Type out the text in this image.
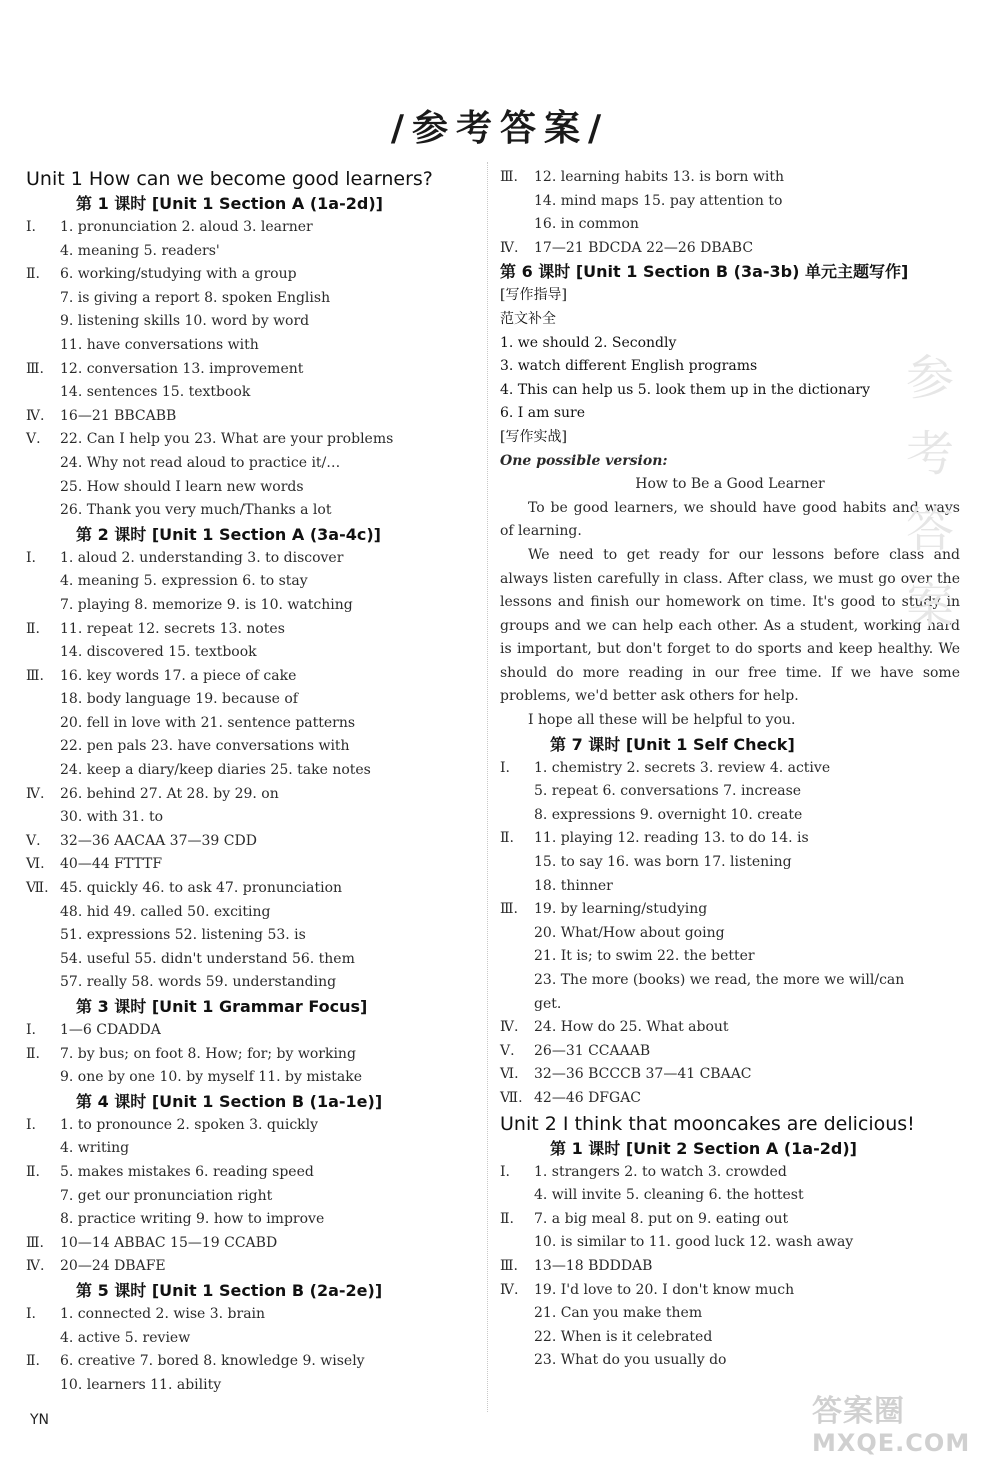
/参考答案/
Unit 1 How can we become good learners?
第 1 课时 [Unit 1 Section A (1a-2d)]
Ⅰ. 1. pronunciation 2. aloud 3. learner
4. meaning 5. readers'
Ⅱ. 6. working/studying with a group
7. is giving a report 8. spoken English
9. listening skills 10. word by word
11. have conversations with
Ⅲ. 12. conversation 13. improvement
14. sentences 15. textbook
Ⅳ. 16—21 BBCABB
Ⅴ. 22. Can I help you 23. What are your problems
24. Why not read aloud to practice it/…
25. How should I learn new words
26. Thank you very much/Thanks a lot
第 2 课时 [Unit 1 Section A (3a-4c)]
Ⅰ. 1. aloud 2. understanding 3. to discover
4. meaning 5. expression 6. to stay
7. playing 8. memorize 9. is 10. watching
Ⅱ. 11. repeat 12. secrets 13. notes
14. discovered 15. textbook
Ⅲ. 16. key words 17. a piece of cake
18. body language 19. because of
20. fell in love with 21. sentence patterns
22. pen pals 23. have conversations with
24. keep a diary/keep diaries 25. take notes
Ⅳ. 26. behind 27. At 28. by 29. on
30. with 31. to
Ⅴ. 32—36 AACAA 37—39 CDD
Ⅵ. 40—44 FTTTF
Ⅶ. 45. quickly 46. to ask 47. pronunciation
48. hid 49. called 50. exciting
51. expressions 52. listening 53. is
54. useful 55. didn't understand 56. them
57. really 58. words 59. understanding
第 3 课时 [Unit 1 Grammar Focus]
Ⅰ. 1—6 CDADDA
Ⅱ. 7. by bus; on foot 8. How; for; by working
9. one by one 10. by myself 11. by mistake
第 4 课时 [Unit 1 Section B (1a-1e)]
Ⅰ. 1. to pronounce 2. spoken 3. quickly
4. writing
Ⅱ. 5. makes mistakes 6. reading speed
7. get our pronunciation right
8. practice writing 9. how to improve
Ⅲ. 10—14 ABBAC 15—19 CCABD
Ⅳ. 20—24 DBAFE
第 5 课时 [Unit 1 Section B (2a-2e)]
Ⅰ. 1. connected 2. wise 3. brain
4. active 5. review
Ⅱ. 6. creative 7. bored 8. knowledge 9. wisely
10. learners 11. ability
Ⅲ. 12. learning habits 13. is born with
14. mind maps 15. pay attention to
16. in common
Ⅳ. 17—21 BDCDA 22—26 DBABC
第 6 课时 [Unit 1 Section B (3a-3b) 单元主题写作]
[写作指导]
范文补全
1. we should 2. Secondly
3. watch different English programs
4. This can help us 5. look them up in the dictionary
6. I am sure
[写作实战]
One possible version:
How to Be a Good Learner
To be good learners, we should have good habits and ways of learning.
We need to get ready for our lessons before class and always listen carefully in class. After class, we must go over the lessons and finish our homework on time. It's good to study in groups and we can help each other. As a student, working hard is important, but don't forget to do sports and keep healthy. We should do more reading in our free time. If we have some problems, we'd better ask others for help.
I hope all these will be helpful to you.
第 7 课时 [Unit 1 Self Check]
Ⅰ. 1. chemistry 2. secrets 3. review 4. active
5. repeat 6. conversations 7. increase
8. expressions 9. overnight 10. create
Ⅱ. 11. playing 12. reading 13. to do 14. is
15. to say 16. was born 17. listening
18. thinner
Ⅲ. 19. by learning/studying
20. What/How about going
21. It is; to swim 22. the better
23. The more (books) we read, the more we will/can
get.
Ⅳ. 24. How do 25. What about
Ⅴ. 26—31 CCAAAB
Ⅵ. 32—36 BCCCB 37—41 CBAAC
Ⅶ. 42—46 DFGAC
Unit 2 I think that mooncakes are delicious!
第 1 课时 [Unit 2 Section A (1a-2d)]
Ⅰ. 1. strangers 2. to watch 3. crowded
4. will invite 5. cleaning 6. the hottest
Ⅱ. 7. a big meal 8. put on 9. eating out
10. is similar to 11. good luck 12. wash away
Ⅲ. 13—18 BDDDAB
Ⅳ. 19. I'd love to 20. I don't know much
21. Can you make them
22. When is it celebrated
23. What do you usually do
参考答案
答案圈
MXQE.COM
YN
